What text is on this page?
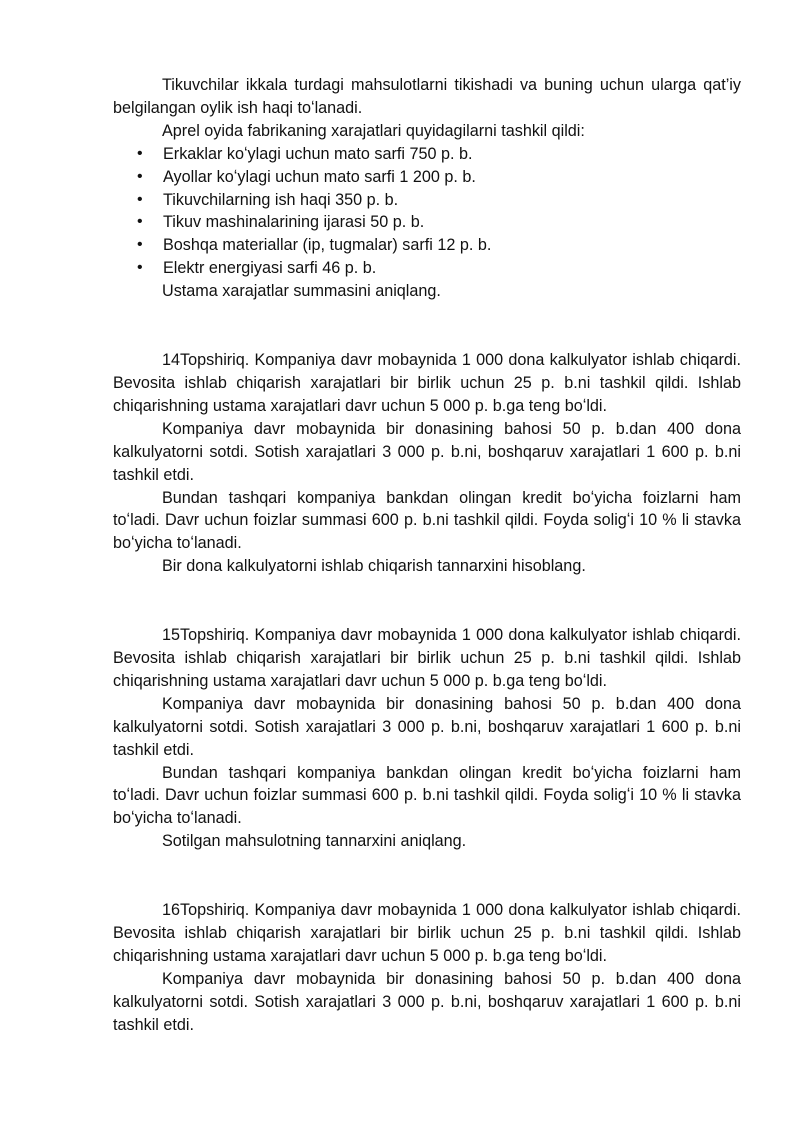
Tikuvchilar ikkala turdagi mahsulotlarni tikishadi va buning uchun ularga qat’iy belgilangan oylik ish haqi toʻlanadi.

Aprel oyida fabrikaning xarajatlari quyidagilarni tashkil qildi:

• Erkaklar koʻylagi uchun mato sarfi 750 p. b.
• Ayollar koʻylagi uchun mato sarfi 1 200 p. b.
• Tikuvchilarning ish haqi 350 p. b.
• Tikuv mashinalarining ijarasi 50 p. b.
• Boshqa materiallar (ip, tugmalar) sarfi 12 p. b.
• Elektr energiyasi sarfi 46 p. b.

Ustama xarajatlar summasini aniqlang.

14Topshiriq. Kompaniya davr mobaynida 1 000 dona kalkulyator ishlab chiqardi. Bevosita ishlab chiqarish xarajatlari bir birlik uchun 25 p. b.ni tashkil qildi. Ishlab chiqarishning ustama xarajatlari davr uchun 5 000 p. b.ga teng boʻldi.

Kompaniya davr mobaynida bir donasining bahosi 50 p. b.dan 400 dona kalkulyatorni sotdi. Sotish xarajatlari 3 000 p. b.ni, boshqaruv xarajatlari 1 600 p. b.ni tashkil etdi.

Bundan tashqari kompaniya bankdan olingan kredit boʻyicha foizlarni ham toʻladi. Davr uchun foizlar summasi 600 p. b.ni tashkil qildi. Foyda soligʻi 10 % li stavka boʻyicha toʻlanadi.

Bir dona kalkulyatorni ishlab chiqarish tannarxini hisoblang.

15Topshiriq. Kompaniya davr mobaynida 1 000 dona kalkulyator ishlab chiqardi. Bevosita ishlab chiqarish xarajatlari bir birlik uchun 25 p. b.ni tashkil qildi. Ishlab chiqarishning ustama xarajatlari davr uchun 5 000 p. b.ga teng boʻldi.

Kompaniya davr mobaynida bir donasining bahosi 50 p. b.dan 400 dona kalkulyatorni sotdi. Sotish xarajatlari 3 000 p. b.ni, boshqaruv xarajatlari 1 600 p. b.ni tashkil etdi.

Bundan tashqari kompaniya bankdan olingan kredit boʻyicha foizlarni ham toʻladi. Davr uchun foizlar summasi 600 p. b.ni tashkil qildi. Foyda soligʻi 10 % li stavka boʻyicha toʻlanadi.

Sotilgan mahsulotning tannarxini aniqlang.

16Topshiriq. Kompaniya davr mobaynida 1 000 dona kalkulyator ishlab chiqardi. Bevosita ishlab chiqarish xarajatlari bir birlik uchun 25 p. b.ni tashkil qildi. Ishlab chiqarishning ustama xarajatlari davr uchun 5 000 p. b.ga teng boʻldi.

Kompaniya davr mobaynida bir donasining bahosi 50 p. b.dan 400 dona kalkulyatorni sotdi. Sotish xarajatlari 3 000 p. b.ni, boshqaruv xarajatlari 1 600 p. b.ni tashkil etdi.
